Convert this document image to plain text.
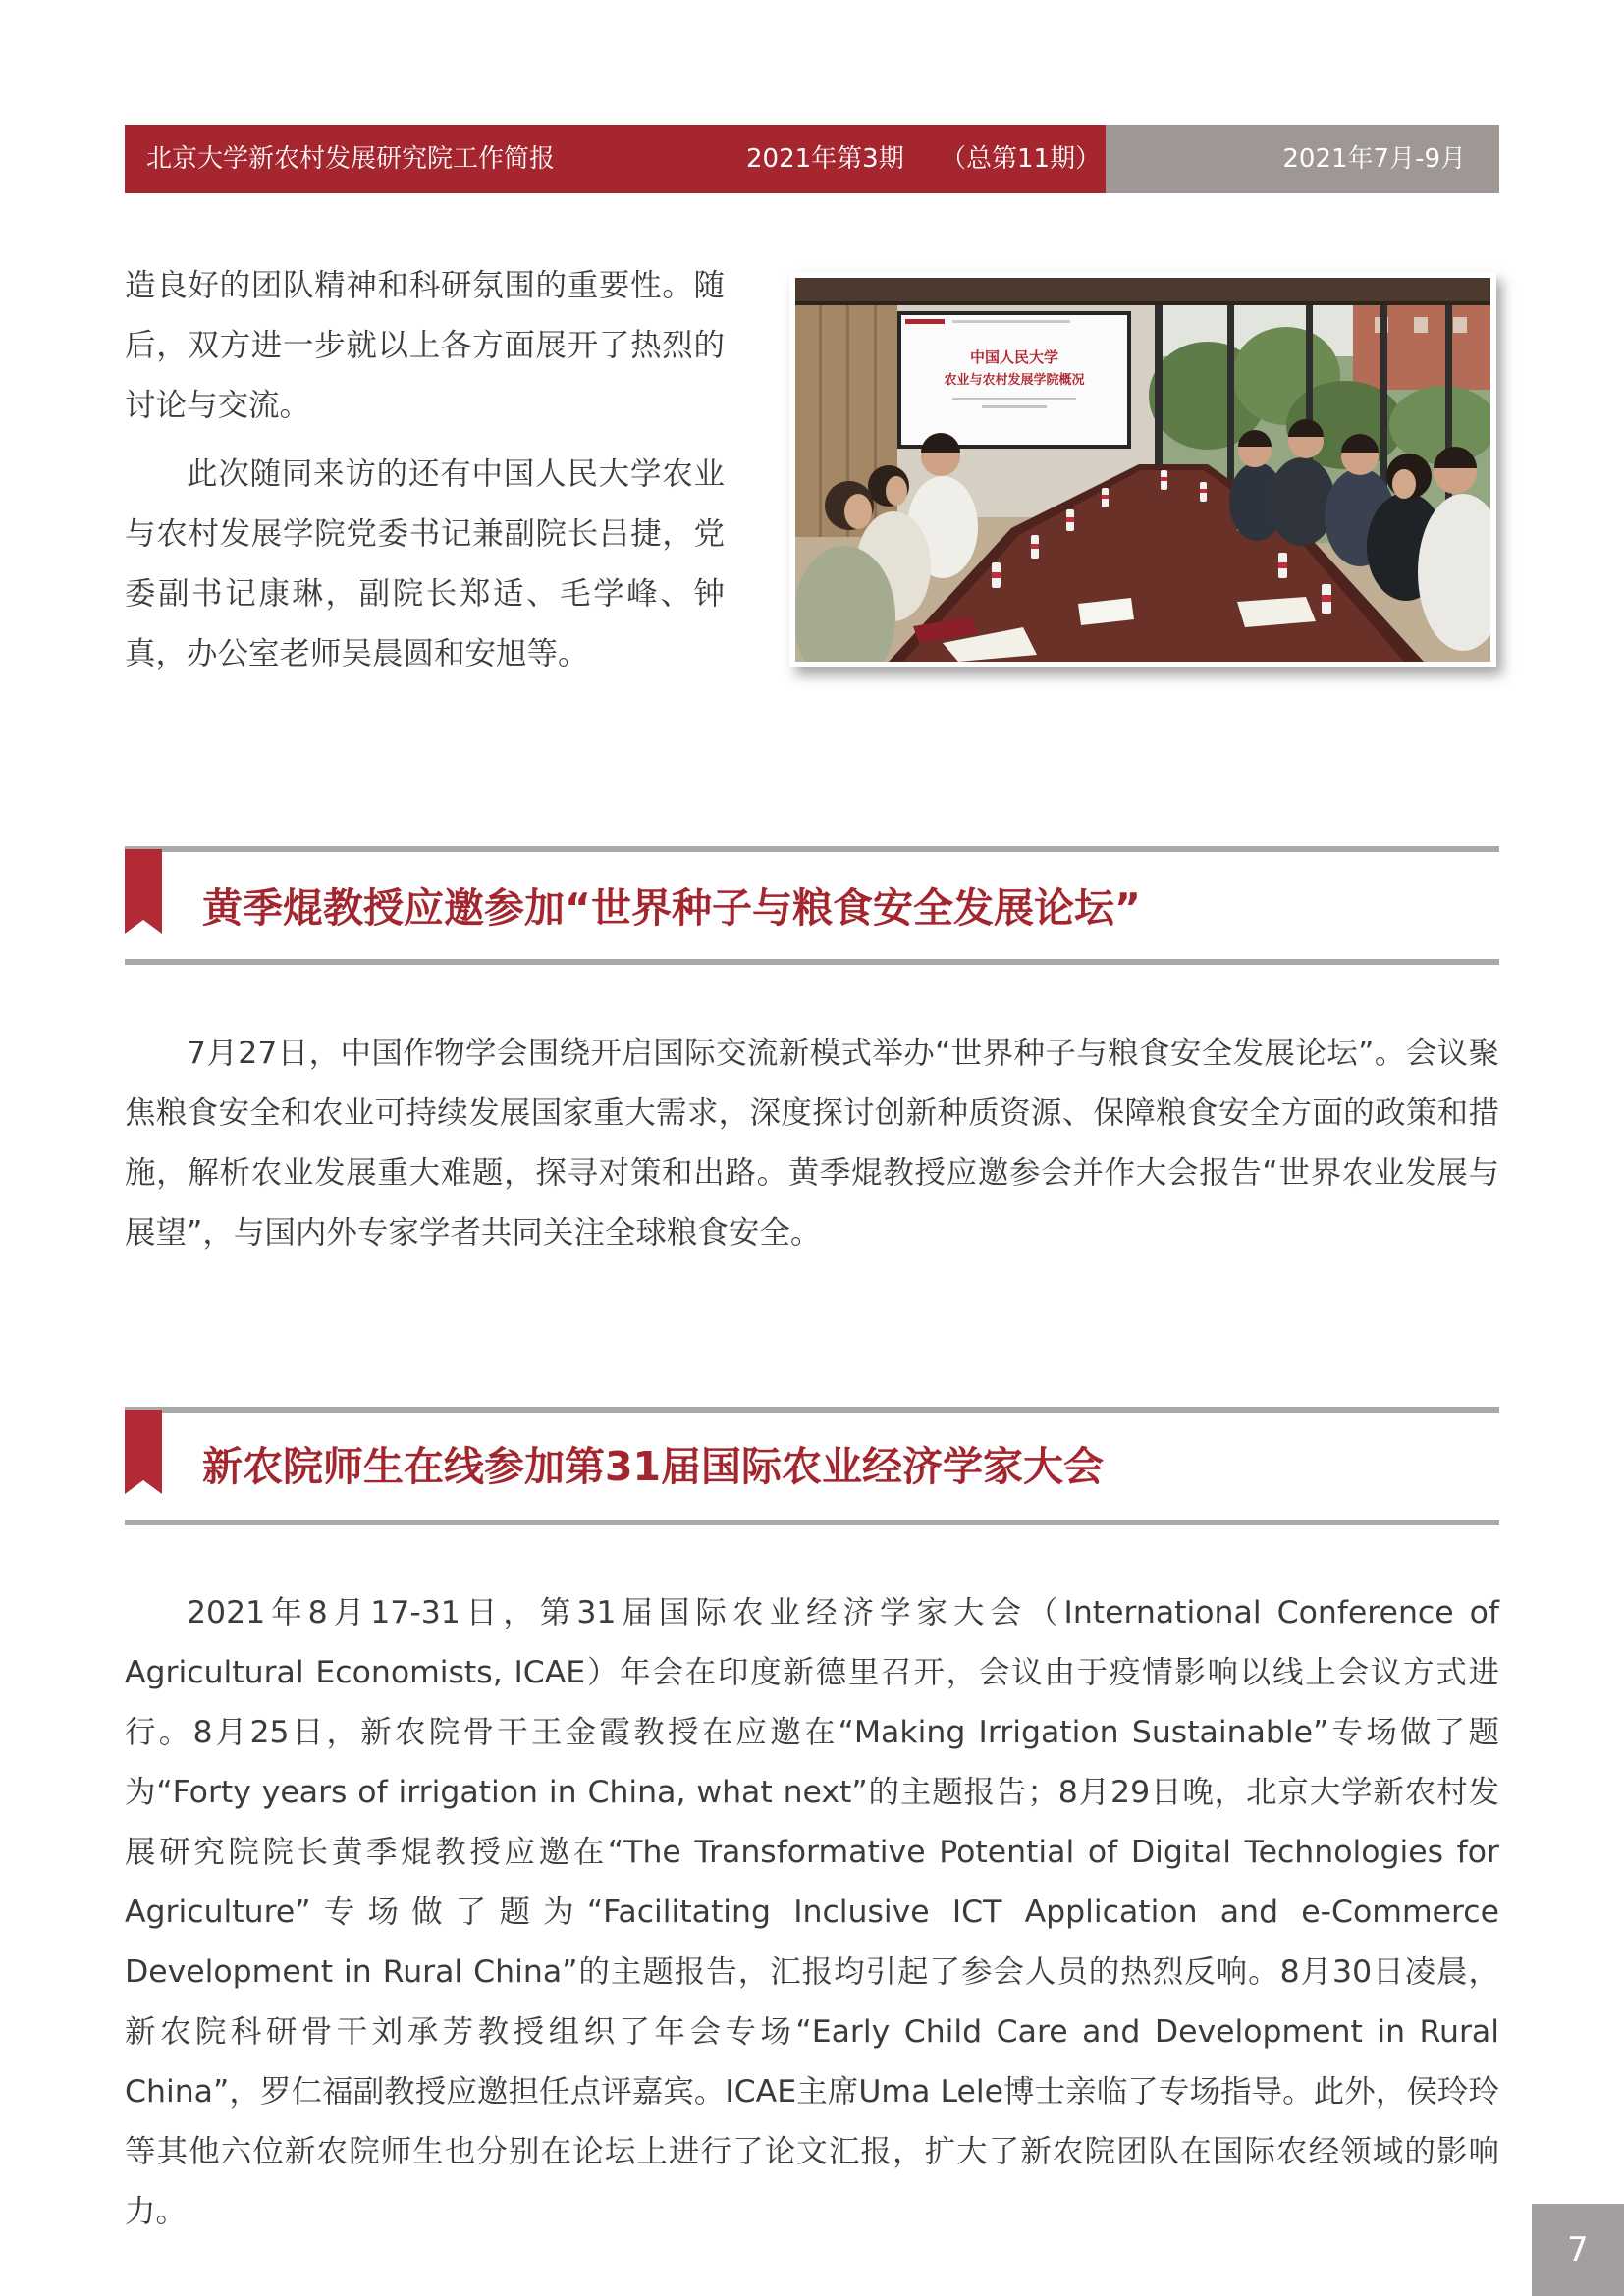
北京大学新农村发展研究院工作简报	2021年第3期 （总第11期）	2021年7月-9月

造良好的团队精神和科研氛围的重要性。随后，双方进一步就以上各方面展开了热烈的讨论与交流。

此次随同来访的还有中国人民大学农业与农村发展学院党委书记兼副院长吕捷，党委副书记康琳，副院长郑适、毛学峰、钟真，办公室老师吴晨圆和安旭等。

中国人民大学
农业与农村发展学院概况
黄季焜教授应邀参加“世界种子与粮食安全发展论坛”

7月27日，中国作物学会围绕开启国际交流新模式举办“世界种子与粮食安全发展论坛”。会议聚焦粮食安全和农业可持续发展国家重大需求，深度探讨创新种质资源、保障粮食安全方面的政策和措施，解析农业发展重大难题，探寻对策和出路。黄季焜教授应邀参会并作大会报告“世界农业发展与展望”，与国内外专家学者共同关注全球粮食安全。

新农院师生在线参加第31届国际农业经济学家大会

2021年8月17-31日，第31届国际农业经济学家大会（International Conference of Agricultural Economists, ICAE）年会在印度新德里召开，会议由于疫情影响以线上会议方式进行。8月25日，新农院骨干王金霞教授在应邀在“Making Irrigation Sustainable”专场做了题为“Forty years of irrigation in China, what next”的主题报告；8月29日晚，北京大学新农村发展研究院院长黄季焜教授应邀在“The Transformative Potential of Digital Technologies for Agriculture”专场做了题为“Facilitating Inclusive ICT Application and e-Commerce Development in Rural China”的主题报告，汇报均引起了参会人员的热烈反响。8月30日凌晨，新农院科研骨干刘承芳教授组织了年会专场“Early Child Care and Development in Rural China”，罗仁福副教授应邀担任点评嘉宾。ICAE主席Uma Lele博士亲临了专场指导。此外，侯玲玲等其他六位新农院师生也分别在论坛上进行了论文汇报，扩大了新农院团队在国际农经领域的影响力。

7
